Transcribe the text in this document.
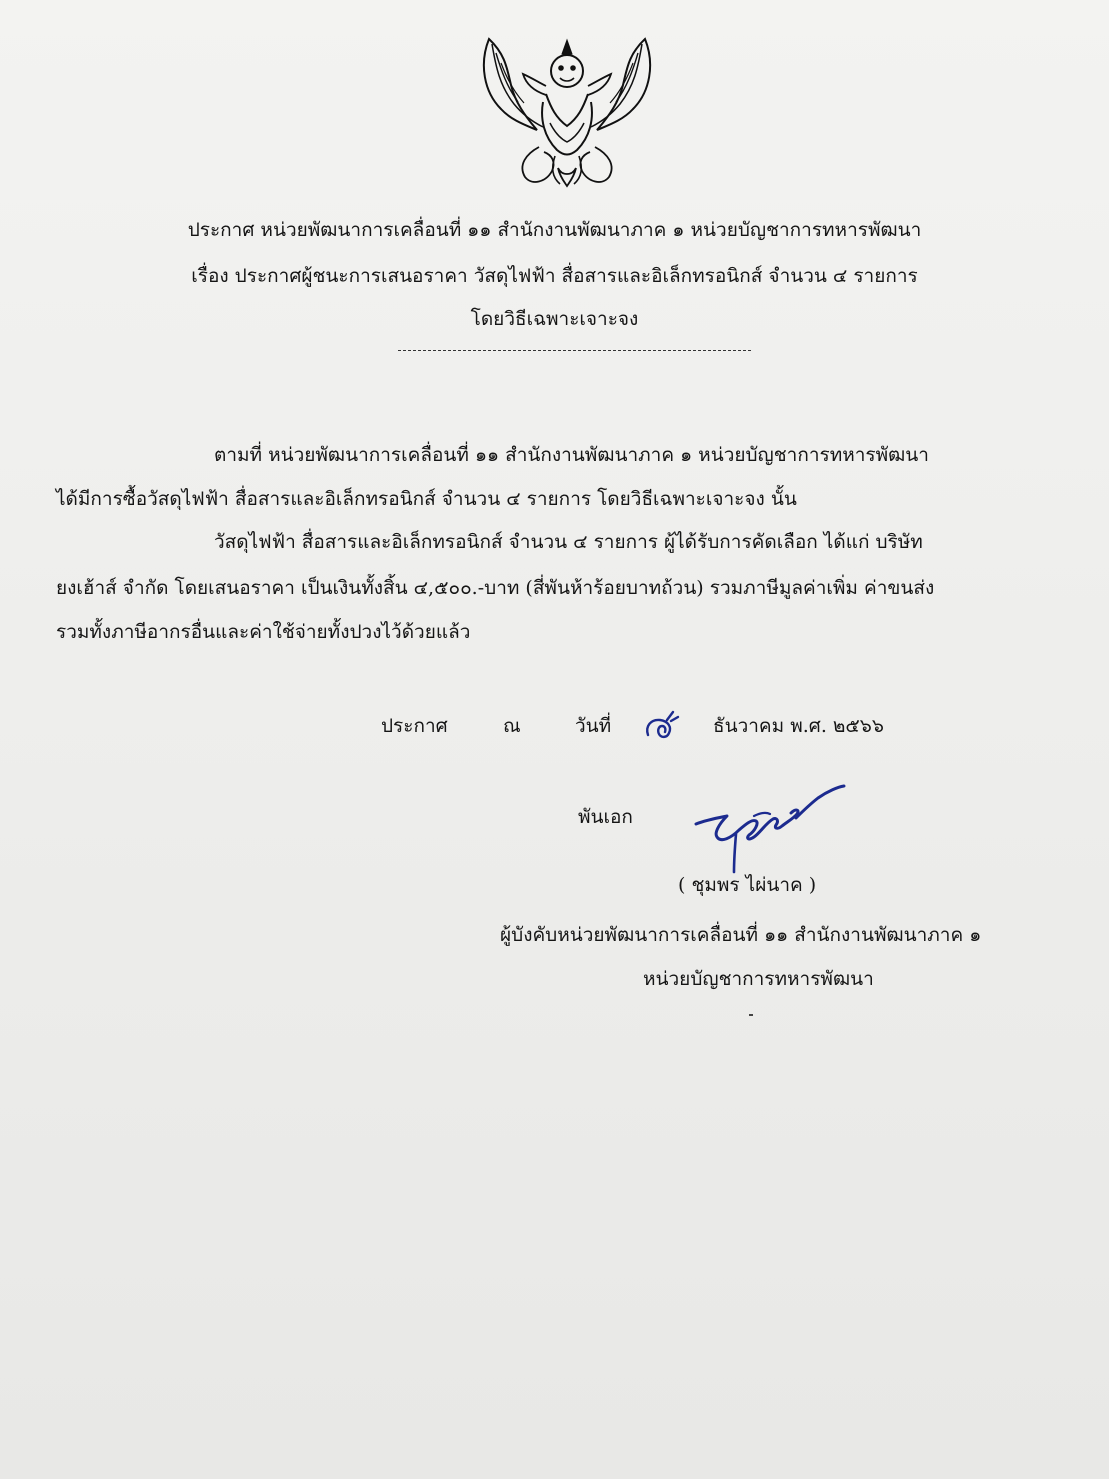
ประกาศ หน่วยพัฒนาการเคลื่อนที่ ๑๑ สำนักงานพัฒนาภาค ๑ หน่วยบัญชาการทหารพัฒนา
เรื่อง ประกาศผู้ชนะการเสนอราคา วัสดุไฟฟ้า สื่อสารและอิเล็กทรอนิกส์ จำนวน ๔ รายการ
โดยวิธีเฉพาะเจาะจง
ตามที่ หน่วยพัฒนาการเคลื่อนที่ ๑๑ สำนักงานพัฒนาภาค ๑ หน่วยบัญชาการทหารพัฒนา
ได้มีการซื้อวัสดุไฟฟ้า สื่อสารและอิเล็กทรอนิกส์ จำนวน ๔ รายการ โดยวิธีเฉพาะเจาะจง นั้น
วัสดุไฟฟ้า สื่อสารและอิเล็กทรอนิกส์ จำนวน ๔ รายการ ผู้ได้รับการคัดเลือก ได้แก่ บริษัท
ยงเฮ้าส์ จำกัด โดยเสนอราคา เป็นเงินทั้งสิ้น ๔,๕๐๐.-บาท (สี่พันห้าร้อยบาทถ้วน) รวมภาษีมูลค่าเพิ่ม ค่าขนส่ง
รวมทั้งภาษีอากรอื่นและค่าใช้จ่ายทั้งปวงไว้ด้วยแล้ว
ประกาศ	ณ	วันที่	ธันวาคม พ.ศ. ๒๕๖๖
พันเอก
( ชุมพร ไผ่นาค )
ผู้บังคับหน่วยพัฒนาการเคลื่อนที่ ๑๑ สำนักงานพัฒนาภาค ๑
หน่วยบัญชาการทหารพัฒนา
